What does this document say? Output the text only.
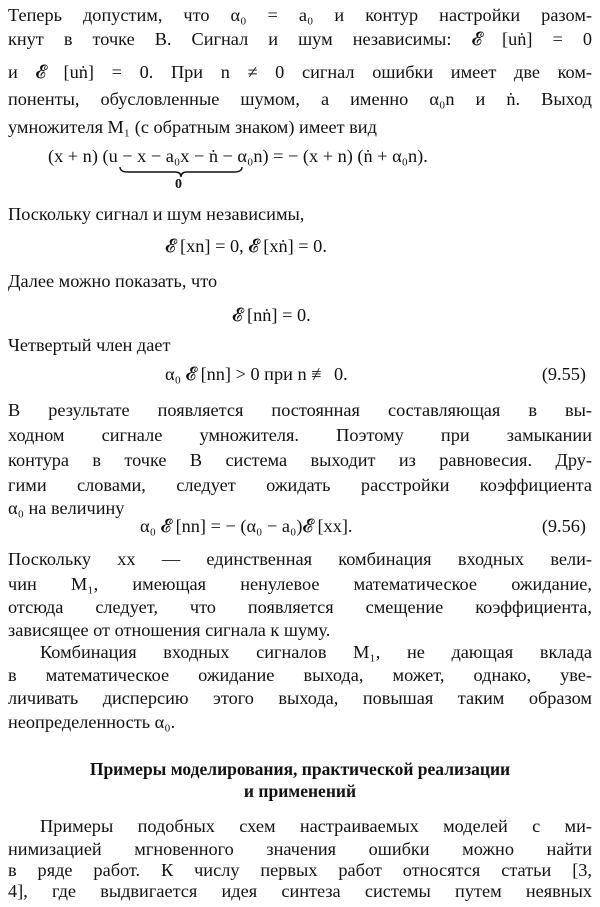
Теперь допустим, что α₀ = a₀ и контур настройки разом-
кнут в точке B. Сигнал и шум независимы: 𝓔 [uṅ] = 0
и 𝓔 [uṅ] = 0. При n ≠ 0 сигнал ошибки имеет две ком-
поненты, обусловленные шумом, а именно α₀n и ṅ. Выход
умножителя M₁ (с обратным знаком) имеет вид
(x + n) (u − x − a₀x − ṅ − α₀n) = − (x + n) (ṅ + α₀n).
0
Поскольку сигнал и шум независимы,
𝓔 [xn] = 0, 𝓔 [xṅ] = 0.
Далее можно показать, что
𝓔 [nṅ] = 0.
Четвертый член дает
α₀ 𝓔 [nn] > 0 при n ≢ 0.	(9.55)
В результате появляется постоянная составляющая в вы-
ходном сигнале умножителя. Поэтому при замыкании
контура в точке B система выходит из равновесия. Дру-
гими словами, следует ожидать расстройки коэффициента
α₀ на величину
α₀ 𝓔 [nn] = − (α₀ − a₀)𝓔 [xx].	(9.56)
Поскольку xx — единственная комбинация входных вели-
чин M₁, имеющая ненулевое математическое ожидание,
отсюда следует, что появляется смещение коэффициента,
зависящее от отношения сигнала к шуму.
Комбинация входных сигналов M₁, не дающая вклада
в математическое ожидание выхода, может, однако, уве-
личивать дисперсию этого выхода, повышая таким образом
неопределенность α₀.
Примеры моделирования, практической реализации
и применений
Примеры подобных схем настраиваемых моделей с ми-
нимизацией мгновенного значения ошибки можно найти
в ряде работ. К числу первых работ относятся статьи [3,
4], где выдвигается идея синтеза системы путем неявных
